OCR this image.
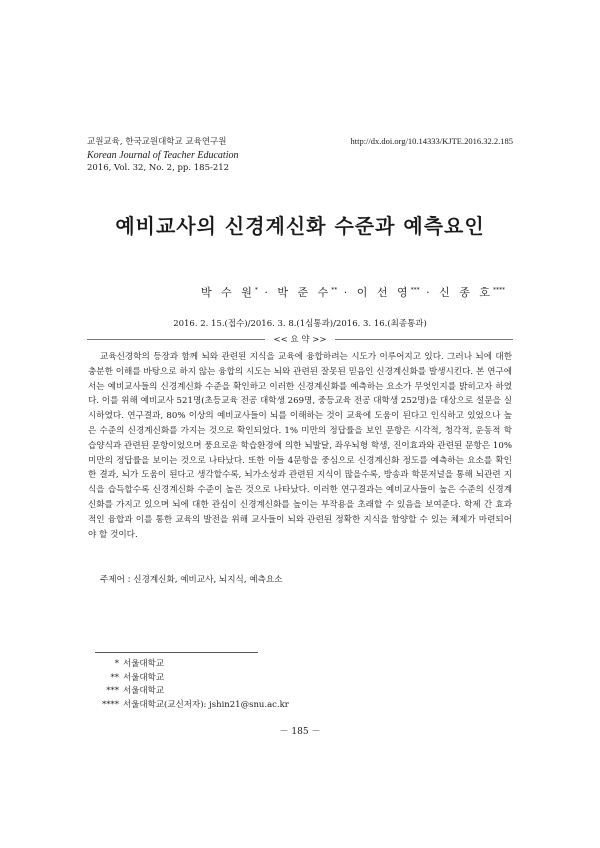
교원교육, 한국교원대학교 교육연구원
Korean Journal of Teacher Education
2016, Vol. 32, No. 2, pp. 185-212
http://dx.doi.org/10.14333/KJTE.2016.32.2.185
예비교사의 신경계신화 수준과 예측요인
박 수 원* · 박 준 수** · 이 선 영*** · 신 종 호****
2016. 2. 15.(접수)/2016. 3. 8.(1심통과)/2016. 3. 16.(최종통과)
<< 요 약 >>

교육신경학의 등장과 함께 뇌와 관련된 지식을 교육에 융합하려는 시도가 이루어지고 있다. 그러나 뇌에 대한 충분한 이해를 바탕으로 하지 않는 융합의 시도는 뇌와 관련된 잘못된 믿음인 신경계신화를 발생시킨다. 본 연구에서는 예비교사들의 신경계신화 수준을 확인하고 이러한 신경계신화를 예측하는 요소가 무엇인지를 밝히고자 하였다. 이를 위해 예비교사 521명(초등교육 전공 대학생 269명, 중등교육 전공 대학생 252명)을 대상으로 설문을 실시하였다. 연구결과, 80% 이상의 예비교사들이 뇌를 이해하는 것이 교육에 도움이 된다고 인식하고 있었으나 높은 수준의 신경계신화를 가지는 것으로 확인되었다. 1% 미만의 정답률을 보인 문항은 시각적, 청각적, 운동적 학습양식과 관련된 문항이었으며 풍요로운 학습환경에 의한 뇌발달, 좌우뇌형 학생, 진이효과와 관련된 문항은 10% 미만의 정답률을 보이는 것으로 나타났다. 또한 이들 4문항을 중심으로 신경계신화 정도를 예측하는 요소를 확인한 결과, 뇌가 도움이 된다고 생각할수록, 뇌가소성과 관련된 지식이 많을수록, 방송과 학문저널을 통해 뇌관련 지식을 습득할수록 신경계신화 수준이 높은 것으로 나타났다. 이러한 연구결과는 예비교사들이 높은 수준의 신경계신화를 가지고 있으며 뇌에 대한 관심이 신경계신화를 높이는 부작용을 초래할 수 있음을 보여준다. 학제 간 효과적인 융합과 이를 통한 교육의 발전을 위해 교사들이 뇌와 관련된 정확한 지식을 함양할 수 있는 체제가 마련되어야 할 것이다.

주제어 : 신경계신화, 예비교사, 뇌지식, 예측요소
* 서울대학교
** 서울대학교
*** 서울대학교
**** 서울대학교(교신저자): jshin21@snu.ac.kr
－ 185 －
